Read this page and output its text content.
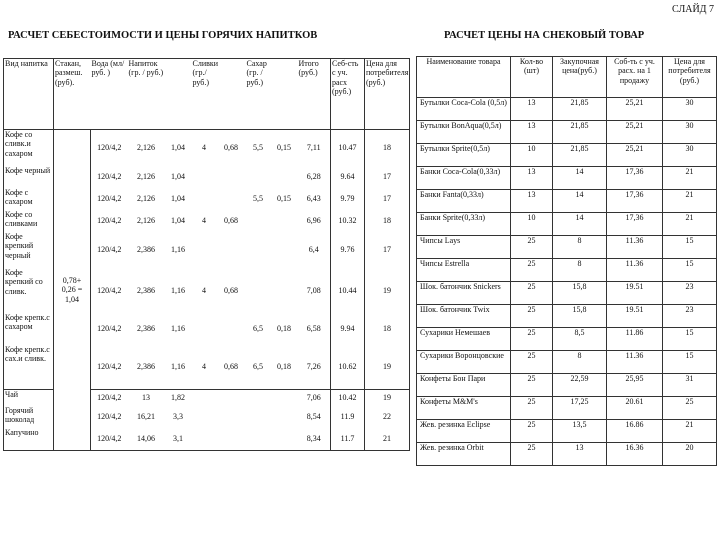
СЛАЙД 7
РАСЧЕТ СЕБЕСТОИМОСТИ И ЦЕНЫ ГОРЯЧИХ НАПИТКОВ	РАСЧЕТ ЦЕНЫ НА СНЕКОВЫЙ ТОВАР
Вид напитка	Стакан, размеш. (руб).	Вода (мл/руб. )	Напиток (гр. / руб.)		Сливки (гр./ руб.)		Сахар (гр. / руб.)		Итого (руб.)	Себ-сть с уч. расх (руб.)	Цена для потребителя (руб.)
Кофе со сливк.и сахаром	0,78+ 0,26 = 1,04	120/4,2	2,126	1,04	4	0,68	5,5	0,15	7,11	10.47	18
Кофе черный		120/4,2	2,126	1,04					6,28	9.64	17
Кофе с сахаром		120/4,2	2,126	1,04			5,5	0,15	6,43	9.79	17
Кофе со сливками		120/4,2	2,126	1,04	4	0,68			6,96	10.32	18
Кофе крепкий черный		120/4,2	2,386	1,16					6,4	9.76	17
Кофе крепкий со сливк.		120/4,2	2,386	1,16	4	0,68			7,08	10.44	19
Кофе крепк.с сахаром		120/4,2	2,386	1,16			6,5	0,18	6,58	9.94	18
Кофе крепк.с сах.и сливк.		120/4,2	2,386	1,16	4	0,68	6,5	0,18	7,26	10.62	19
Чай		120/4,2	13	1,82					7,06	10.42	19
Горячий шоколад		120/4,2	16,21	3,3					8,54	11.9	22
Капучино		120/4,2	14,06	3,1					8,34	11.7	21
Наименование товара	Кол-во (шт)	Закупочная цена(руб.)	Соб-ть с уч. расх. на 1 продажу	Цена для потребителя (руб.)
Бутылки Coca-Cola (0,5л)	13	21,85	25,21	30
Бутылки BonAqua(0,5л)	13	21,85	25,21	30
Бутылки Sprite(0,5л)	10	21,85	25,21	30
Банки Coca-Cola(0,33л)	13	14	17,36	21
Банки Fanta(0,33л)	13	14	17,36	21
Банки Sprite(0,33л)	10	14	17,36	21
Чипсы Lays	25	8	11.36	15
Чипсы Estrella	25	8	11.36	15
Шок. батончик Snickers	25	15,8	19.51	23
Шок. батончик Twix	25	15,8	19.51	23
Сухарики Немешаев	25	8,5	11.86	15
Сухарики Воронцовские	25	8	11.36	15
Конфеты Бон Пари	25	22,59	25,95	31
Конфеты M&M's	25	17,25	20.61	25
Жев. резинка Eclipse	25	13,5	16.86	21
Жев. резинка Orbit	25	13	16.36	20
